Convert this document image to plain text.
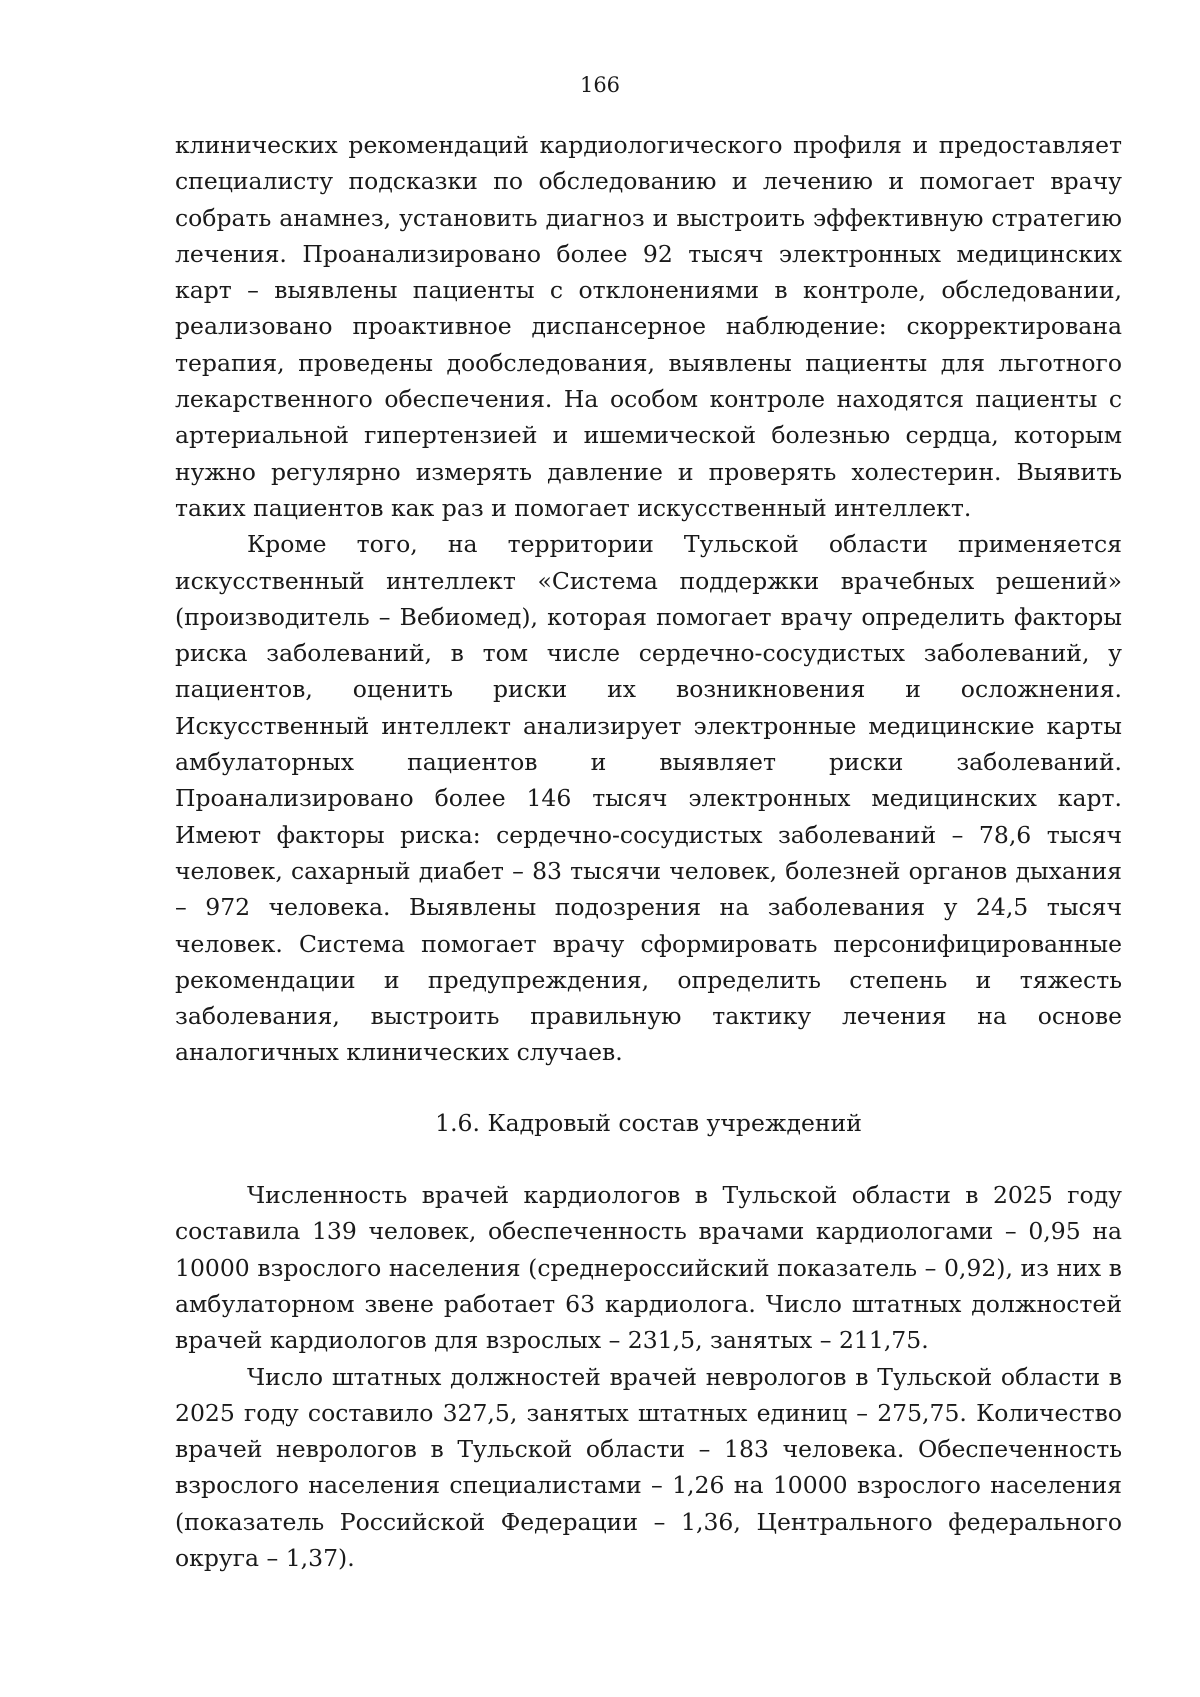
166

клинических рекомендаций кардиологического профиля и предоставляет специалисту подсказки по обследованию и лечению и помогает врачу собрать анамнез, установить диагноз и выстроить эффективную стратегию лечения. Проанализировано более 92 тысяч электронных медицинских карт – выявлены пациенты с отклонениями в контроле, обследовании, реализовано проактивное диспансерное наблюдение: скорректирована терапия, проведены дообследования, выявлены пациенты для льготного лекарственного обеспечения. На особом контроле находятся пациенты с артериальной гипертензией и ишемической болезнью сердца, которым нужно регулярно измерять давление и проверять холестерин. Выявить таких пациентов как раз и помогает искусственный интеллект.

Кроме того, на территории Тульской области применяется искусственный интеллект «Система поддержки врачебных решений» (производитель – Вебиомед), которая помогает врачу определить факторы риска заболеваний, в том числе сердечно-сосудистых заболеваний, у пациентов, оценить риски их возникновения и осложнения. Искусственный интеллект анализирует электронные медицинские карты амбулаторных пациентов и выявляет риски заболеваний. Проанализировано более 146 тысяч электронных медицинских карт. Имеют факторы риска: сердечно-сосудистых заболеваний – 78,6 тысяч человек, сахарный диабет – 83 тысячи человек, болезней органов дыхания – 972 человека. Выявлены подозрения на заболевания у 24,5 тысяч человек. Система помогает врачу сформировать персонифицированные рекомендации и предупреждения, определить степень и тяжесть заболевания, выстроить правильную тактику лечения на основе аналогичных клинических случаев.

1.6. Кадровый состав учреждений

Численность врачей кардиологов в Тульской области в 2025 году составила 139 человек, обеспеченность врачами кардиологами – 0,95 на 10000 взрослого населения (среднероссийский показатель – 0,92), из них в амбулаторном звене работает 63 кардиолога. Число штатных должностей врачей кардиологов для взрослых – 231,5, занятых – 211,75.

Число штатных должностей врачей неврологов в Тульской области в 2025 году составило 327,5, занятых штатных единиц – 275,75. Количество врачей неврологов в Тульской области – 183 человека. Обеспеченность взрослого населения специалистами – 1,26 на 10000 взрослого населения (показатель Российской Федерации – 1,36, Центрального федерального округа – 1,37).
